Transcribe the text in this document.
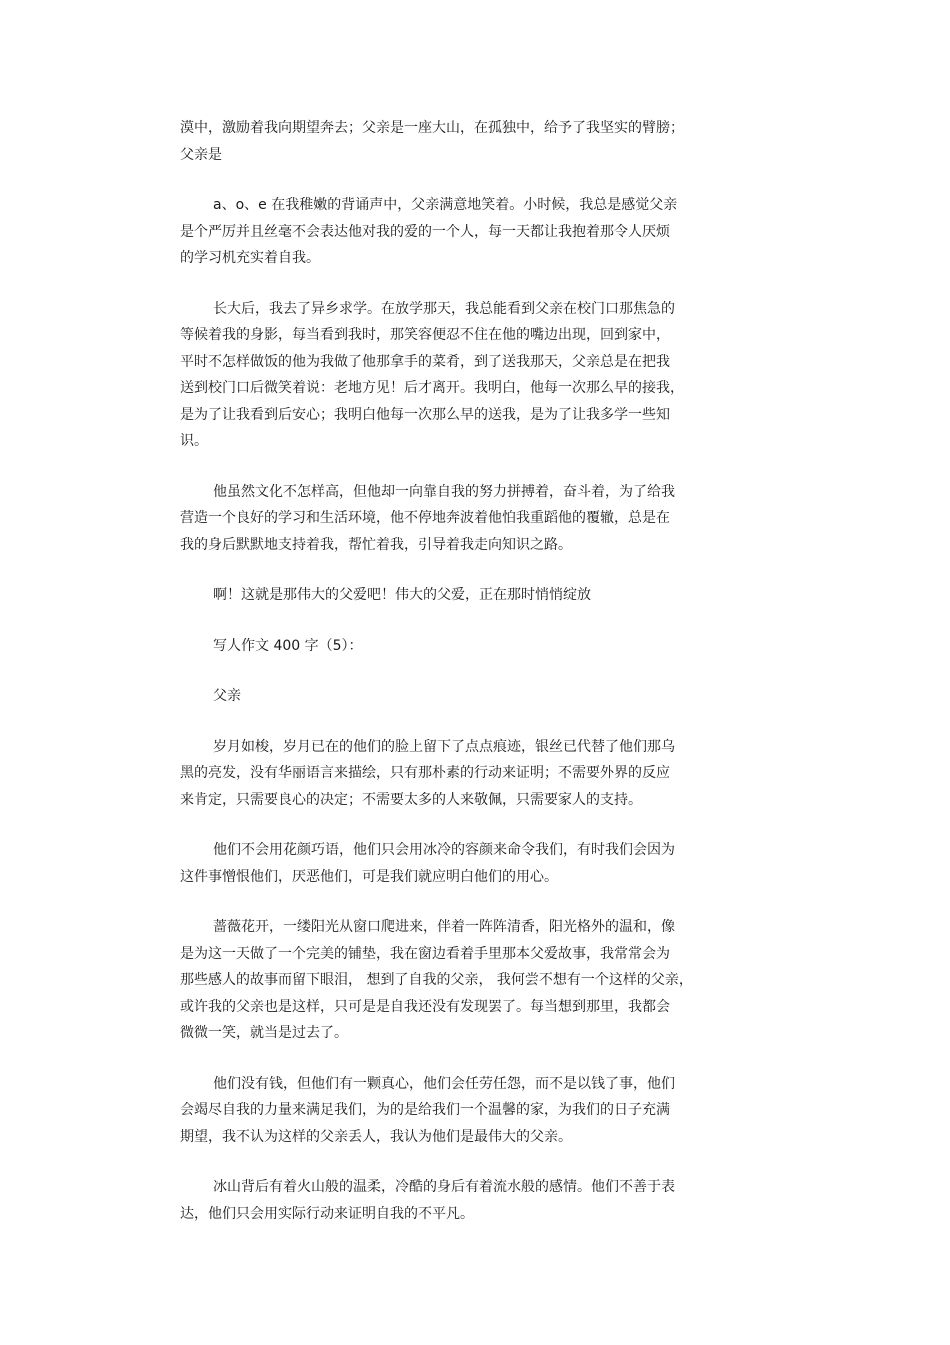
漠中，激励着我向期望奔去；父亲是一座大山，在孤独中，给予了我坚实的臂膀；
父亲是
a、o、e 在我稚嫩的背诵声中，父亲满意地笑着。小时候，我总是感觉父亲
是个严厉并且丝毫不会表达他对我的爱的一个人，每一天都让我抱着那令人厌烦
的学习机充实着自我。
长大后，我去了异乡求学。在放学那天，我总能看到父亲在校门口那焦急的
等候着我的身影，每当看到我时，那笑容便忍不住在他的嘴边出现，回到家中，
平时不怎样做饭的他为我做了他那拿手的菜肴，到了送我那天，父亲总是在把我
送到校门口后微笑着说：老地方见！后才离开。我明白，他每一次那么早的接我，
是为了让我看到后安心；我明白他每一次那么早的送我，是为了让我多学一些知
识。
他虽然文化不怎样高，但他却一向靠自我的努力拼搏着，奋斗着，为了给我
营造一个良好的学习和生活环境，他不停地奔波着他怕我重蹈他的覆辙，总是在
我的身后默默地支持着我，帮忙着我，引导着我走向知识之路。
啊！这就是那伟大的父爱吧！伟大的父爱，正在那时悄悄绽放
写人作文 400 字（5）：
父亲
岁月如梭，岁月已在的他们的脸上留下了点点痕迹，银丝已代替了他们那乌
黑的亮发，没有华丽语言来描绘，只有那朴素的行动来证明；不需要外界的反应
来肯定，只需要良心的决定；不需要太多的人来敬佩，只需要家人的支持。
他们不会用花颜巧语，他们只会用冰冷的容颜来命令我们，有时我们会因为
这件事憎恨他们，厌恶他们，可是我们就应明白他们的用心。
蔷薇花开，一缕阳光从窗口爬进来，伴着一阵阵清香，阳光格外的温和，像
是为这一天做了一个完美的铺垫，我在窗边看着手里那本父爱故事，我常常会为
那些感人的故事而留下眼泪， 想到了自我的父亲， 我何尝不想有一个这样的父亲，
或许我的父亲也是这样，只可是是自我还没有发现罢了。每当想到那里，我都会
微微一笑，就当是过去了。
他们没有钱，但他们有一颗真心，他们会任劳任怨，而不是以钱了事，他们
会竭尽自我的力量来满足我们，为的是给我们一个温馨的家，为我们的日子充满
期望，我不认为这样的父亲丢人，我认为他们是最伟大的父亲。
冰山背后有着火山般的温柔，冷酷的身后有着流水般的感情。他们不善于表
达，他们只会用实际行动来证明自我的不平凡。
